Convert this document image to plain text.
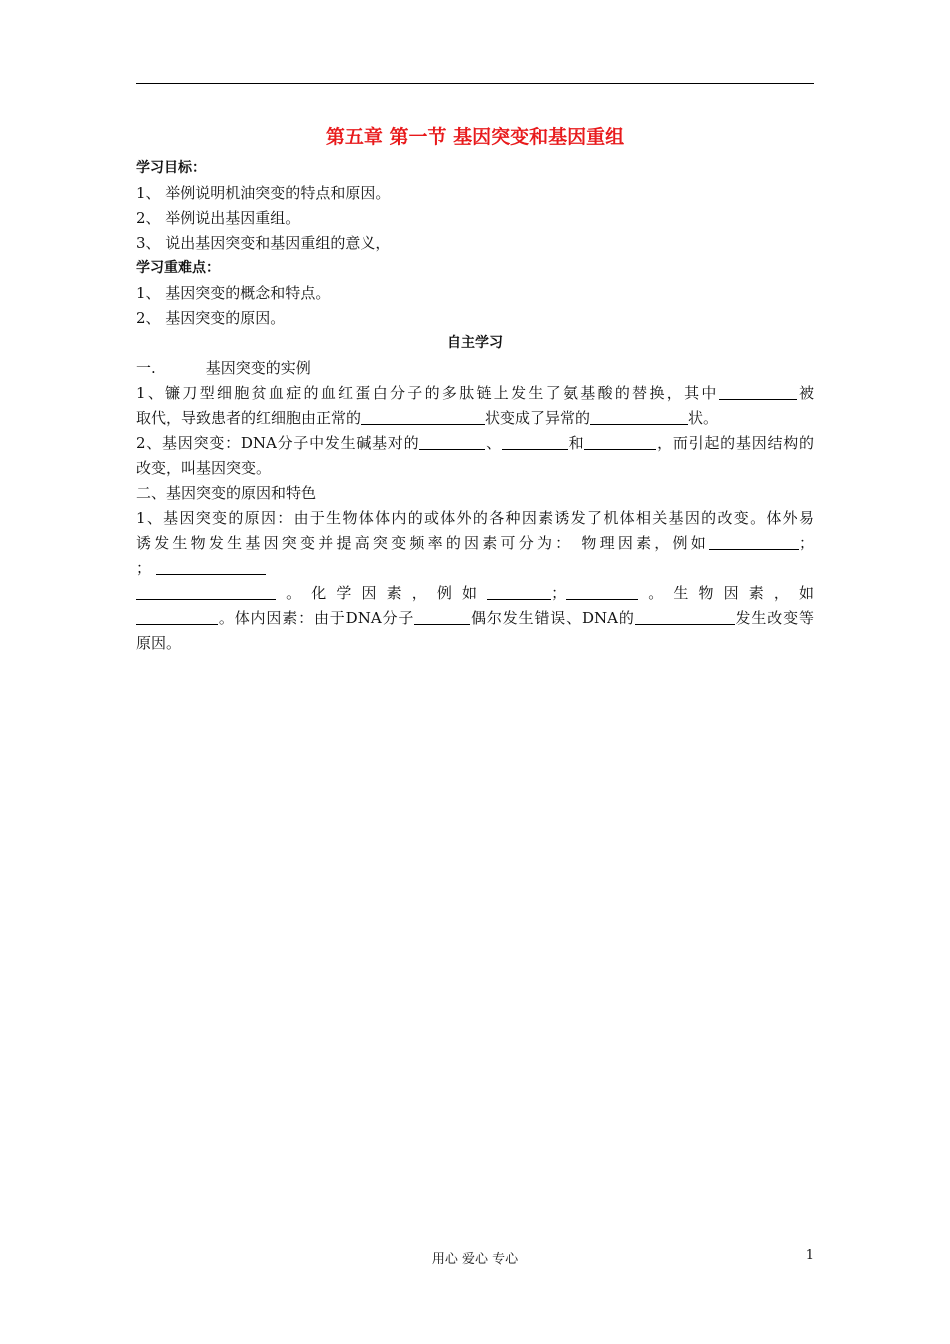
第五章 第一节 基因突变和基因重组
学习目标：
1、 举例说明机油突变的特点和原因。
2、 举例说出基因重组。
3、 说出基因突变和基因重组的意义，
学习重难点：
1、 基因突变的概念和特点。
2、 基因突变的原因。
自主学习
一.	基因突变的实例
1、镰刀型细胞贫血症的血红蛋白分子的多肽链上发生了氨基酸的替换，其中	被
取代，导致患者的红细胞由正常的	状变成了异常的	状。
2、基因突变：DNA分子中发生碱基对的	、	和	，而引起的基因结构的
改变，叫基因突变。
二、基因突变的原因和特色
1、基因突变的原因：由于生物体体内的或体外的各种因素诱发了机体相关基因的改变。体外易
诱发生物发生基因突变并提高突变频率的因素可分为： 物理因素，例如	；
；
。化学因素，例如	；	。生物因素，如
。体内因素：由于DNA分子	偶尔发生错误、DNA的	发生改变等
原因。
用心 爱心 专心	1
